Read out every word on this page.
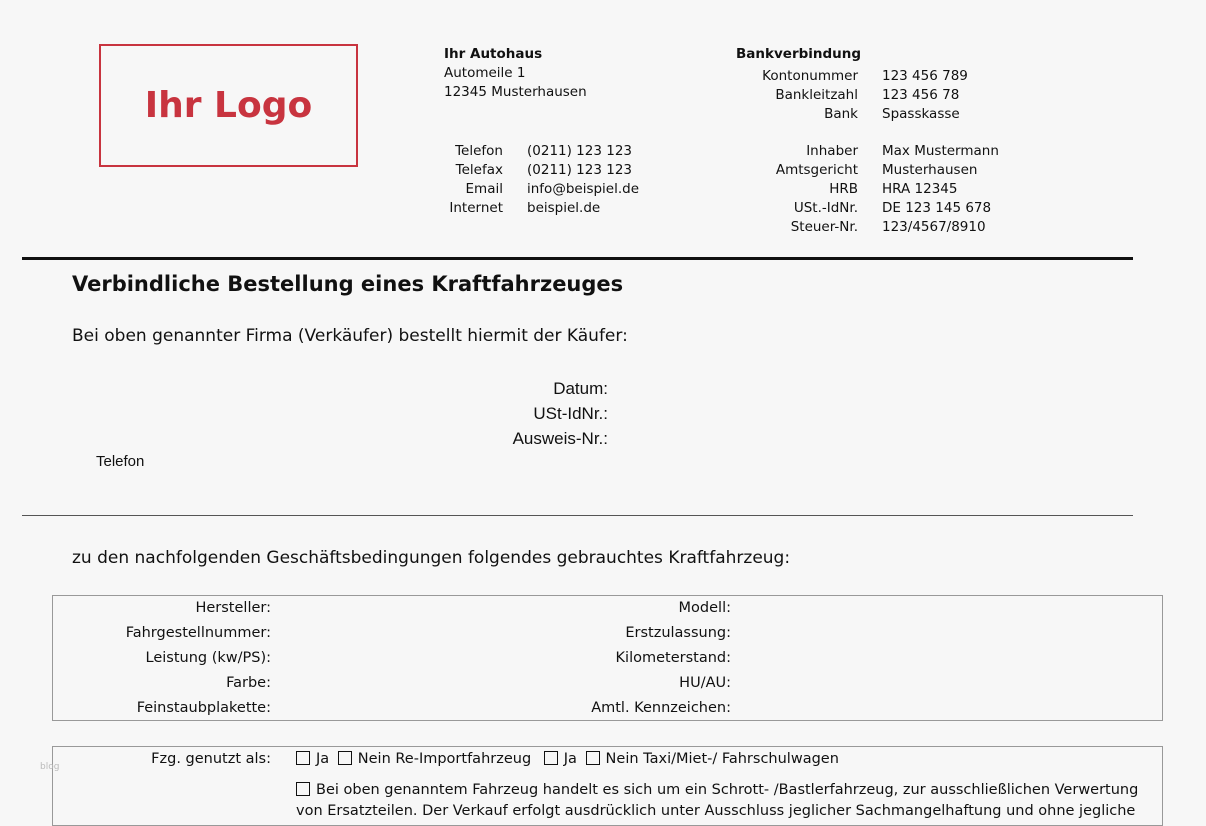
Ihr Logo
Ihr Autohaus
Automeile 1
12345 Musterhausen
Telefon
Telefax
Email
Internet
(0211) 123 123
(0211) 123 123
info@beispiel.de
beispiel.de
Bankverbindung
Kontonummer
Bankleitzahl
Bank
123 456 789
123 456 78
Spasskasse
Inhaber
Amtsgericht
HRB
USt.-IdNr.
Steuer-Nr.
Max Mustermann
Musterhausen
HRA 12345
DE 123 145 678
123/4567/8910
Verbindliche Bestellung eines Kraftfahrzeuges
Bei oben genannter Firma (Verkäufer) bestellt hiermit der Käufer:
Datum:
USt-IdNr.:
Ausweis-Nr.:
Telefon
zu den nachfolgenden Geschäftsbedingungen folgendes gebrauchtes Kraftfahrzeug:
Hersteller:
Fahrgestellnummer:
Leistung (kw/PS):
Farbe:
Feinstaubplakette:
Modell:
Erstzulassung:
Kilometerstand:
HU/AU:
Amtl. Kennzeichen:
Fzg. genutzt als:	Ja Nein Re-Importfahrzeug Ja Nein Taxi/Miet-/ Fahrschulwagen
Bei oben genanntem Fahrzeug handelt es sich um ein Schrott- /Bastlerfahrzeug, zur ausschließlichen Verwertung
von Ersatzteilen. Der Verkauf erfolgt ausdrücklich unter Ausschluss jeglicher Sachmangelhaftung und ohne jegliche
blog
